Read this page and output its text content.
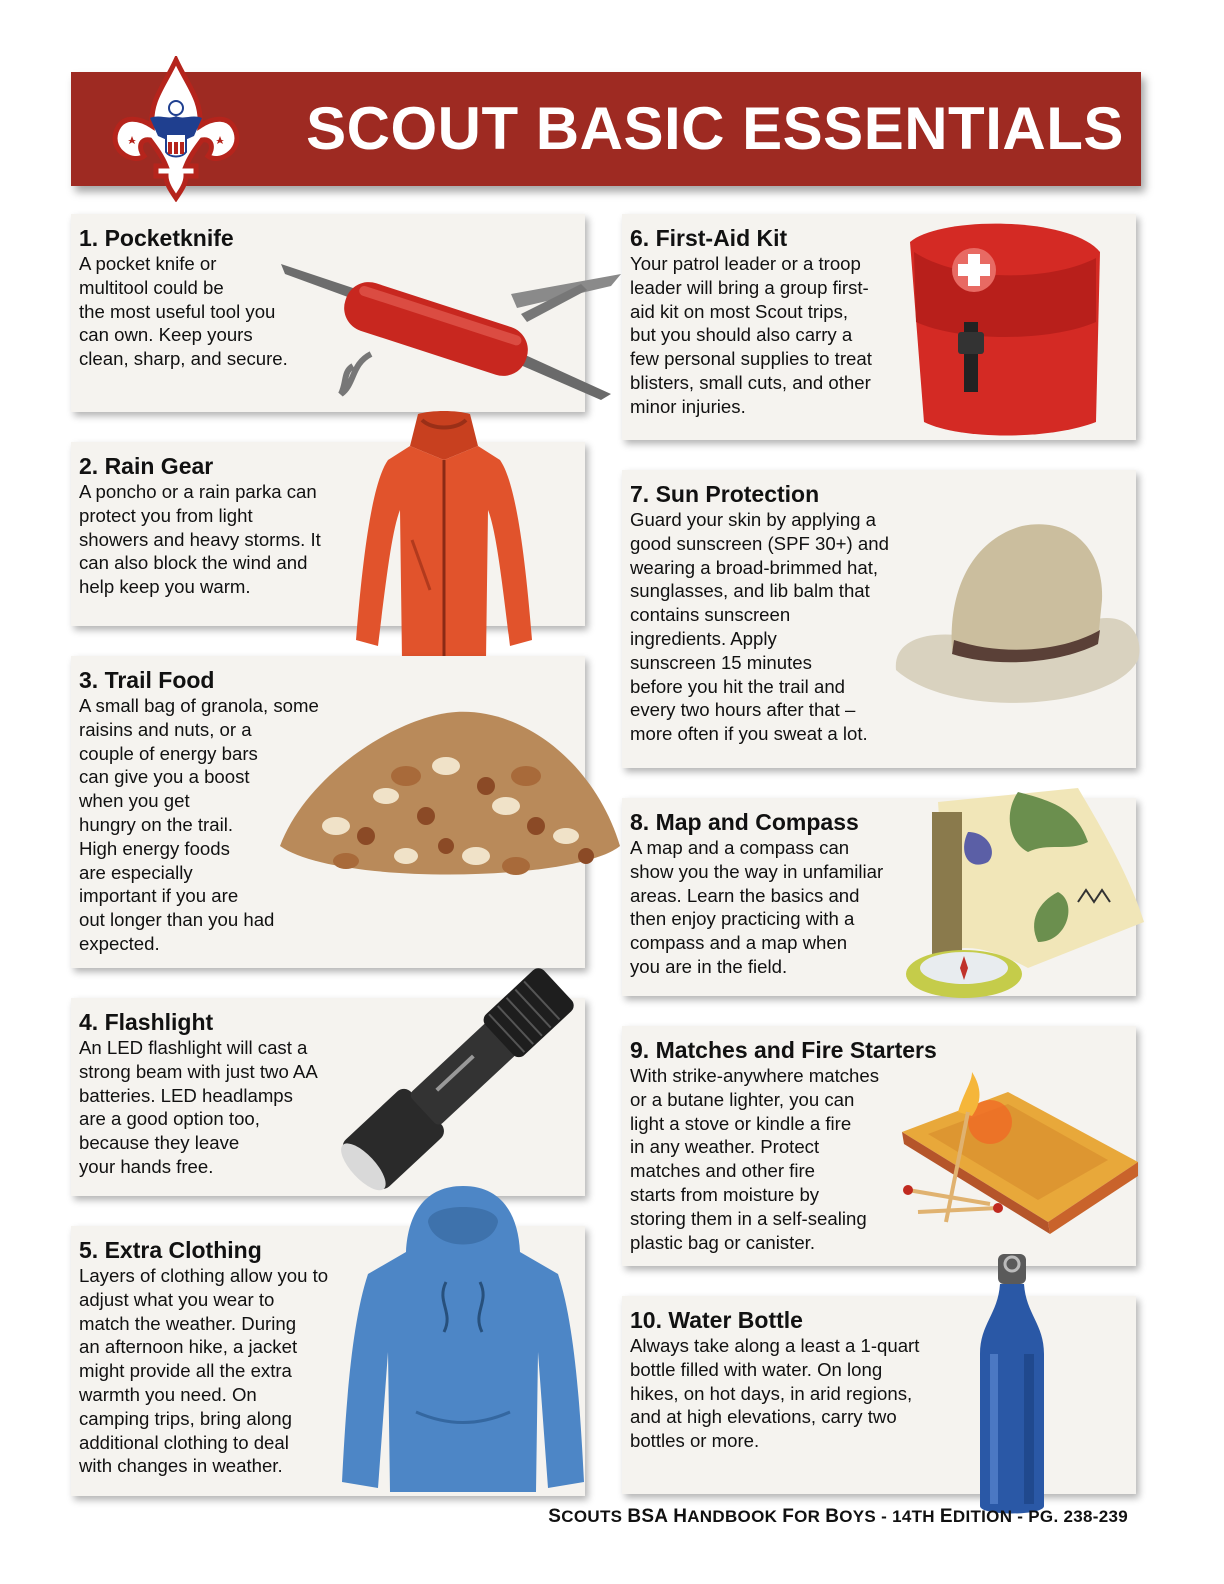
SCOUT BASIC ESSENTIALS
1. Pocketknife
A pocket knife or
multitool could be
the most useful tool you
can own. Keep yours
clean, sharp, and secure.
2. Rain Gear
A poncho or a rain parka can
protect you from light
showers and heavy storms. It
can also block the wind and
help keep you warm.
3. Trail Food
A small bag of granola, some
raisins and nuts, or a
couple of energy bars
can give you a boost
when you get
hungry on the trail.
High energy foods
are especially
important if you are
out longer than you had
expected.
4. Flashlight
An LED flashlight will cast a
strong beam with just two AA
batteries. LED headlamps
are a good option too,
because they leave
your hands free.
5. Extra Clothing
Layers of clothing allow you to
adjust what you wear to
match the weather. During
an afternoon hike, a jacket
might provide all the extra
warmth you need. On
camping trips, bring along
additional clothing to deal
with changes in weather.
6. First-Aid Kit
Your patrol leader or a troop
leader will bring a group first-
aid kit on most Scout trips,
but you should also carry a
few personal supplies to treat
blisters, small cuts, and other
minor injuries.
7. Sun Protection
Guard your skin by applying a
good sunscreen (SPF 30+) and
wearing a broad-brimmed hat,
sunglasses, and lib balm that
contains sunscreen
ingredients. Apply
sunscreen 15 minutes
before you hit the trail and
every two hours after that –
more often if you sweat a lot.
8. Map and Compass
A map and a compass can
show you the way in unfamiliar
areas. Learn the basics and
then enjoy practicing with a
compass and a map when
you are in the field.
9. Matches and Fire Starters
With strike-anywhere matches
or a butane lighter, you can
light a stove or kindle a fire
in any weather. Protect
matches and other fire
starts from moisture by
storing them in a self-sealing
plastic bag or canister.
10. Water Bottle
Always take along a least a 1-quart
bottle filled with water. On long
hikes, on hot days, in arid regions,
and at high elevations, carry two
bottles or more.
SCOUTS BSA HANDBOOK FOR BOYS - 14TH EDITION - PG. 238-239
